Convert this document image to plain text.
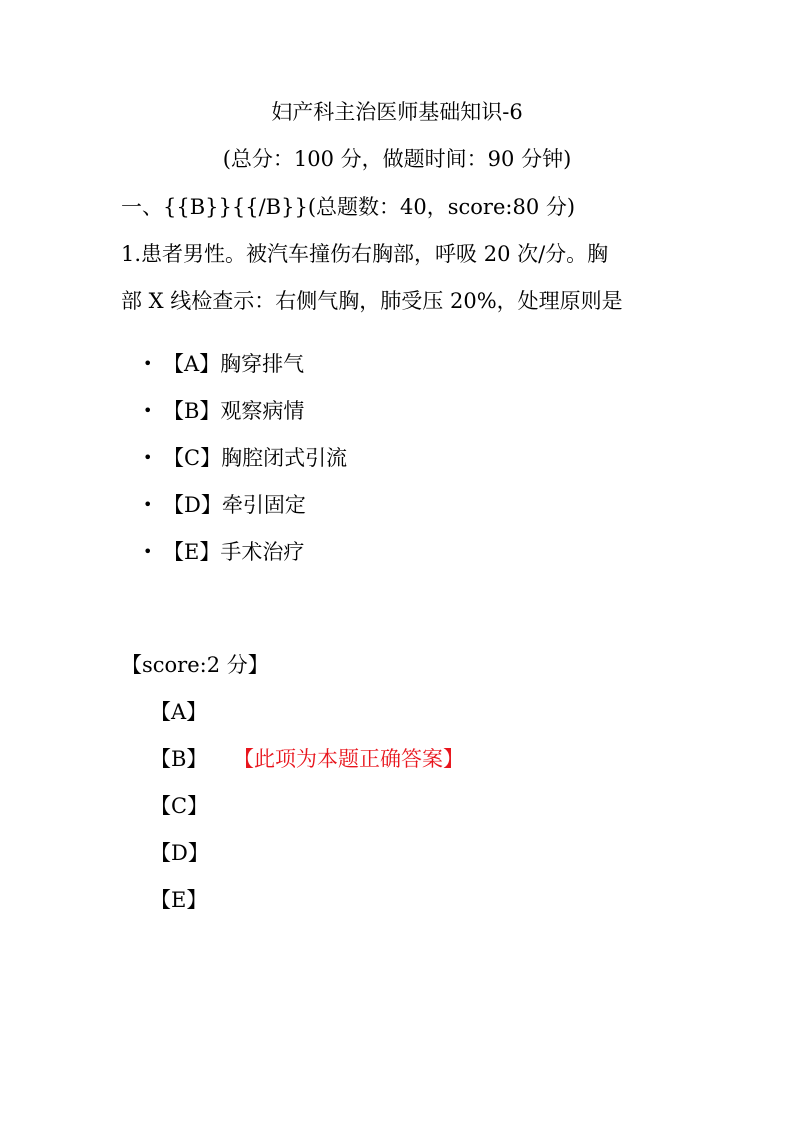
妇产科主治医师基础知识-6
(总分：100 分，做题时间：90 分钟)
一、{{B}}{{/B}}(总题数：40，score:80 分)
1.患者男性。被汽车撞伤右胸部，呼吸 20 次/分。胸
部 X 线检查示：右侧气胸，肺受压 20%，处理原则是
• 【A】胸穿排气
• 【B】观察病情
• 【C】胸腔闭式引流
• 【D】牵引固定
• 【E】手术治疗
【score:2 分】
【A】
【B】 【此项为本题正确答案】
【C】
【D】
【E】
